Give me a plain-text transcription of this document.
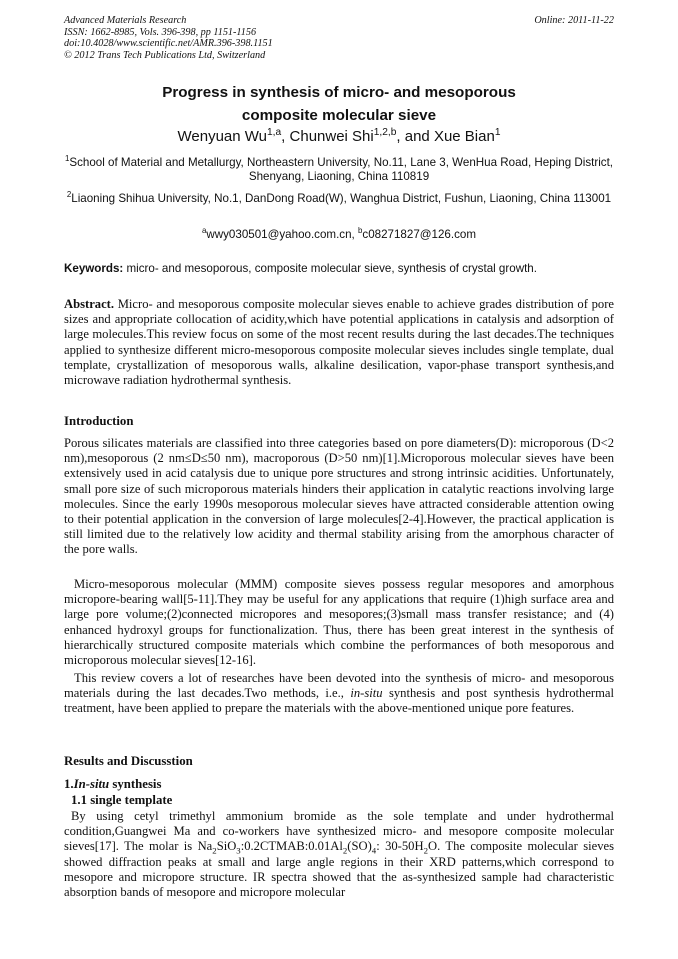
Advanced Materials Research
ISSN: 1662-8985, Vols. 396-398, pp 1151-1156
doi:10.4028/www.scientific.net/AMR.396-398.1151
© 2012 Trans Tech Publications Ltd, Switzerland
Online: 2011-11-22
Progress in synthesis of micro- and mesoporous
composite molecular sieve
Wenyuan Wu$^{1,a}$, Chunwei Shi$^{1,2,b}$, and Xue Bian$^1$
$^1$School of Material and Metallurgy, Northeastern University, No.11, Lane 3, WenHua Road, Heping District, Shenyang, Liaoning, China 110819
$^2$Liaoning Shihua University, No.1, DanDong Road(W), Wanghua District, Fushun, Liaoning, China 113001
$^a$wwy030501@yahoo.com.cn, $^b$c08271827@126.com
Keywords: micro- and mesoporous, composite molecular sieve, synthesis of crystal growth.
Abstract. Micro- and mesoporous composite molecular sieves enable to achieve grades distribution of pore sizes and appropriate collocation of acidity,which have potential applications in catalysis and adsorption of large molecules.This review focus on some of the most recent results during the last decades.The techniques applied to synthesize different micro-mesoporous composite molecular sieves includes single template, dual template, crystallization of mesoporous walls, alkaline desilication, vapor-phase transport synthesis,and microwave radiation hydrothermal synthesis.
Introduction
Porous silicates materials are classified into three categories based on pore diameters(D): microporous (D<2 nm),mesoporous (2 nm≤D≤50 nm), macroporous (D>50 nm)[1].Microporous molecular sieves have been extensively used in acid catalysis due to unique pore structures and strong intrinsic acidities. Unfortunately, small pore size of such microporous materials hinders their application in catalytic reactions involving large molecules. Since the early 1990s mesoporous molecular sieves have attracted considerable attention owing to their potential application in the conversion of large molecules[2-4].However, the practical application is still limited due to the relatively low acidity and thermal stability arising from the amorphous character of the pore walls.
Micro-mesoporous molecular (MMM) composite sieves possess regular mesopores and amorphous micropore-bearing wall[5-11].They may be useful for any applications that require (1)high surface area and large pore volume;(2)connected micropores and mesopores;(3)small mass transfer resistance; and (4) enhanced hydroxyl groups for functionalization. Thus, there has been great interest in the synthesis of hierarchically structured composite materials which combine the performances of both mesoporous and microporous molecular sieves[12-16].
This review covers a lot of researches have been devoted into the synthesis of micro- and mesoporous materials during the last decades.Two methods, i.e., in-situ synthesis and post synthesis hydrothermal treatment, have been applied to prepare the materials with the above-mentioned unique pore features.
Results and Discusstion
1.In-situ synthesis
1.1 single template
By using cetyl trimethyl ammonium bromide as the sole template and under hydrothermal condition,Guangwei Ma and co-workers have synthesized micro- and mesopore composite molecular sieves[17]. The molar is $Na_2SiO_3:0.2CTMAB:0.01Al_2(SO)_4$: $30-50H_2O$. The composite molecular sieves showed diffraction peaks at small and large angle regions in their XRD patterns,which correspond to mesopore and micropore structure. IR spectra showed that the as-synthesized sample had characteristic absorption bands of mesopore and micropore molecular
